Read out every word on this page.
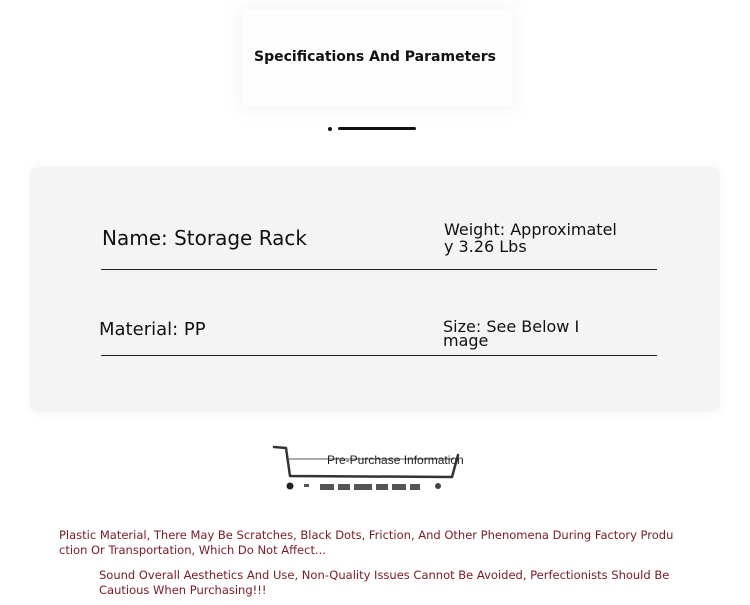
Specifications And Parameters
Name: Storage Rack	Weight: Approximately 3.26 Lbs
Material: PP	Size: See Below Image
Pre-Purchase Information
Plastic Material, There May Be Scratches, Black Dots, Friction, And Other Phenomena During Factory Production Or Transportation, Which Do Not Affect...
Sound Overall Aesthetics And Use, Non-Quality Issues Cannot Be Avoided, Perfectionists Should Be Cautious When Purchasing!!!
